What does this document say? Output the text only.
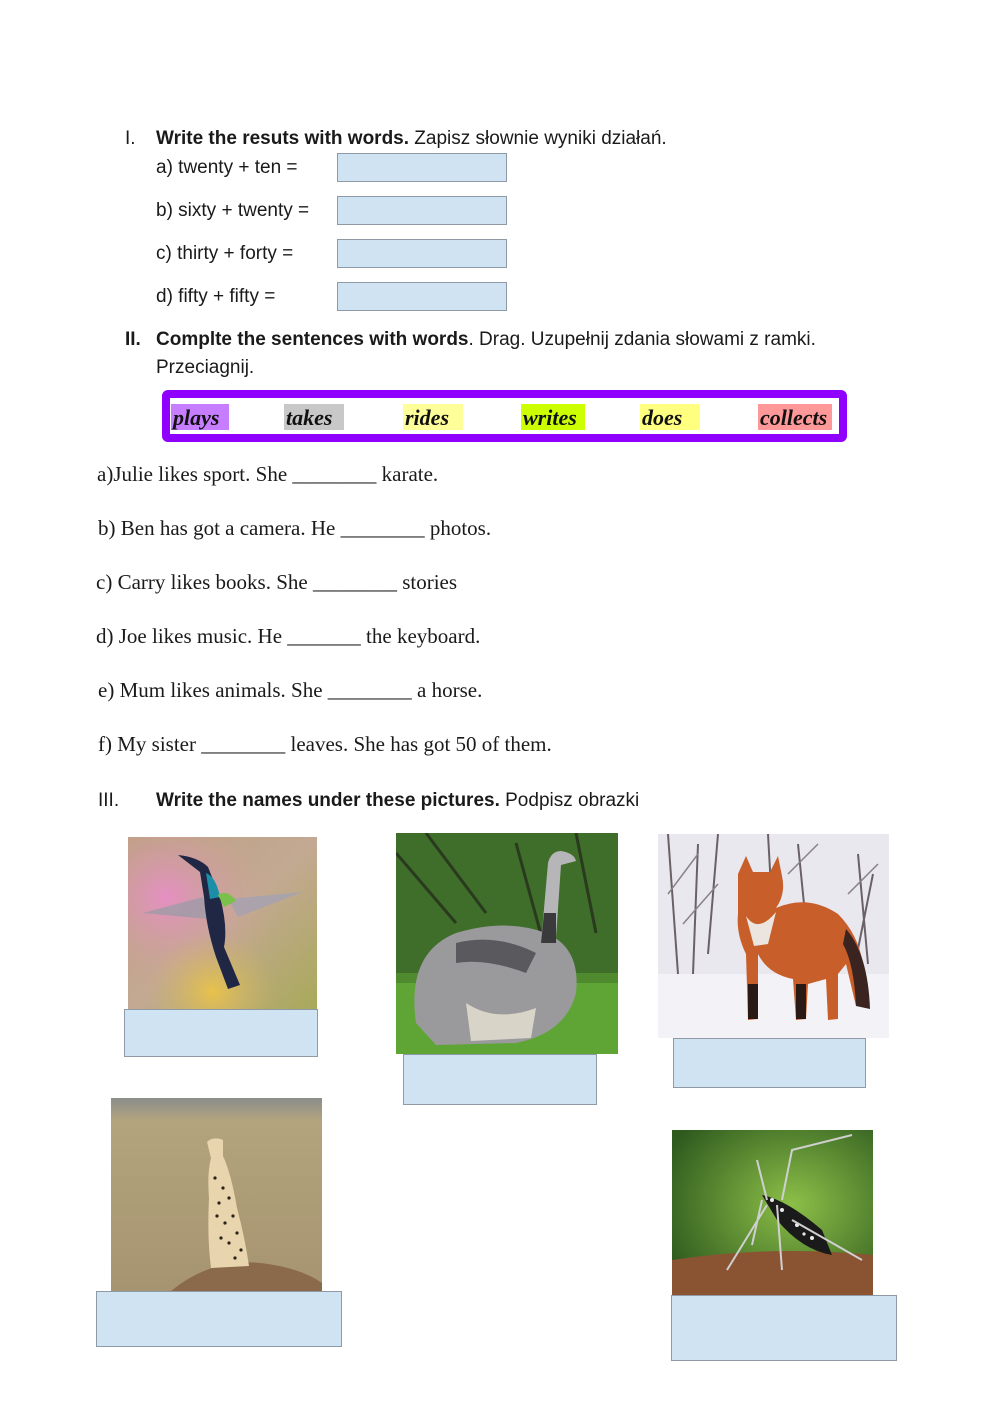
I. Write the resuts with words. Zapisz słownie wyniki działań.
a) twenty + ten =
b) sixty + twenty =
c) thirty + forty =
d) fifty + fifty =
II. Complte the sentences with words. Drag. Uzupełnij zdania słowami z ramki.
Przeciagnij.
plays	takes	rides	writes	does	collects
a)Julie likes sport. She ________ karate.
b) Ben has got a camera. He ________ photos.
c) Carry likes books. She ________ stories
d) Joe likes music. He _______ the keyboard.
e) Mum likes animals. She ________ a horse.
f) My sister ________ leaves. She has got 50 of them.
III. Write the names under these pictures. Podpisz obrazki
